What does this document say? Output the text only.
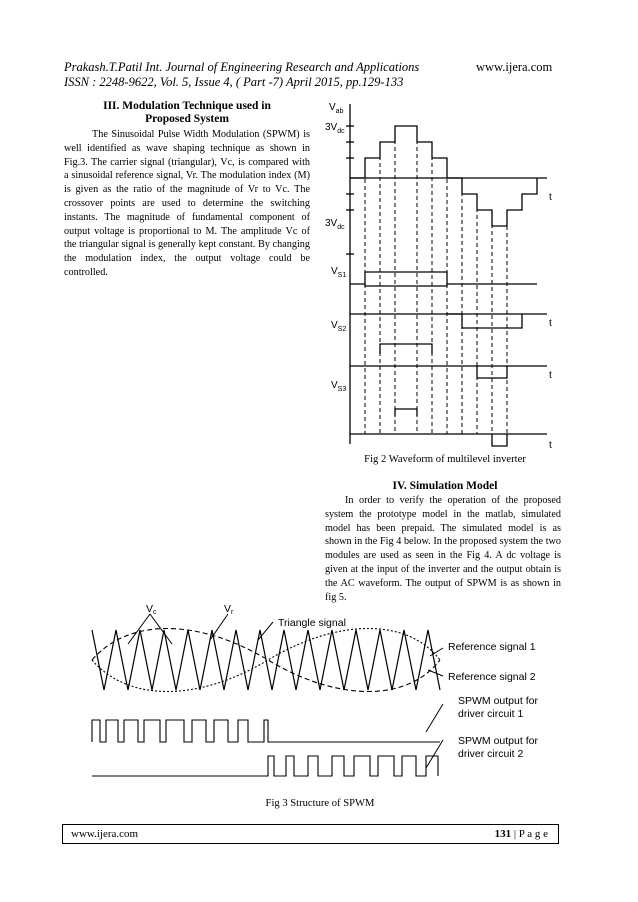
Prakash.T.Patil Int. Journal of Engineering Research and Applications	www.ijera.com
ISSN : 2248-9622, Vol. 5, Issue 4, ( Part -7) April 2015, pp.129-133
III. Modulation Technique used in
Proposed System
The Sinusoidal Pulse Width Modulation (SPWM) is well identified as wave shaping technique as shown in Fig.3. The carrier signal (triangular), Vc, is compared with a sinusoidal reference signal, Vr. The modulation index (M) is given as the ratio of the magnitude of Vr to Vc. The crossover points are used to determine the switching instants. The magnitude of fundamental component of output voltage is proportional to M. The amplitude Vc of the triangular signal is generally kept constant. By changing the modulation index, the output voltage could be controlled.
$V_{ab}$
$3V_{dc}$
$3V_{dc}$
$V_{S1}$
$V_{S2}$
$V_{S3}$
t
t
t
t
Fig 2 Waveform of multilevel inverter
IV. Simulation Model
In order to verify the operation of the proposed system the prototype model in the matlab, simulated model has been prepaid. The simulated model is as shown in the Fig 4 below. In the proposed system the two modules are used as seen in the Fig 4. A dc voltage is given at the input of the inverter and the output obtain is the AC waveform. The output of SPWM is as shown in fig 5.
Vc	Vr
Triangle signal
Reference signal 1
Reference signal 2
SPWM output for
driver circuit 1
SPWM output for
driver circuit 2
Fig 3 Structure of SPWM
www.ijera.com	131 | P a g e
